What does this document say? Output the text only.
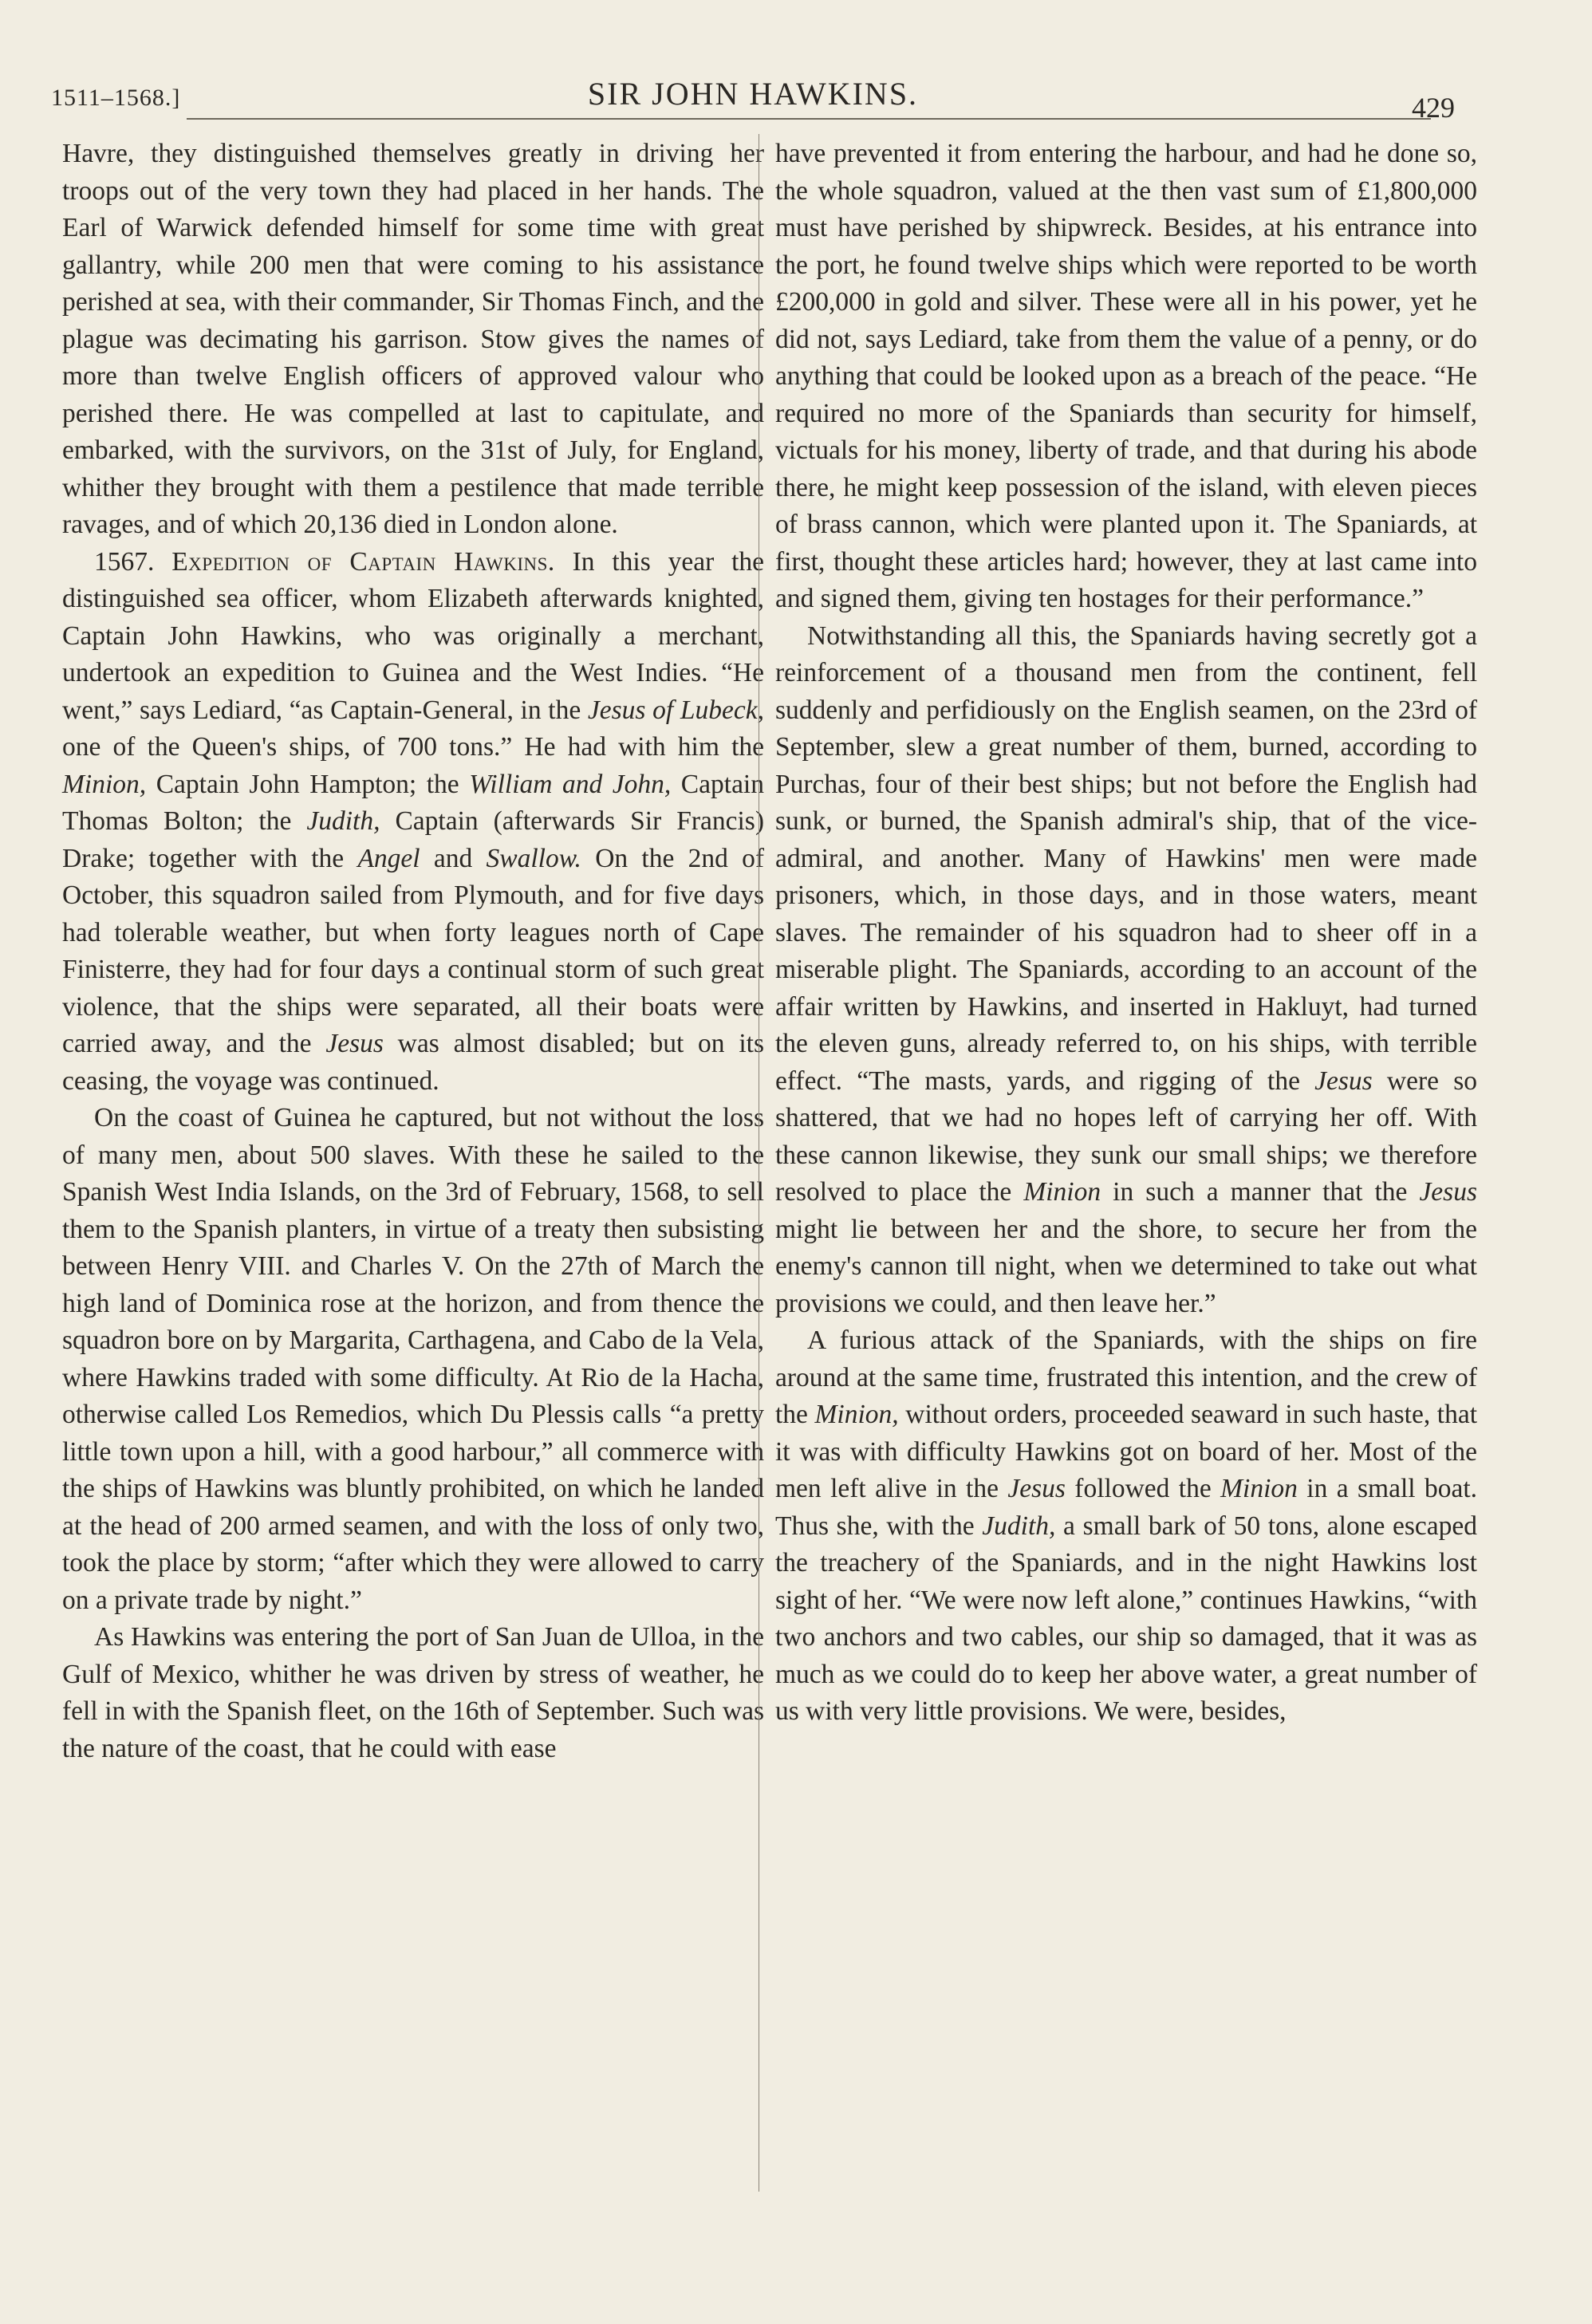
1511–1568.]	SIR JOHN HAWKINS.	429

Havre, they distinguished themselves greatly in driving her troops out of the very town they had placed in her hands. The Earl of Warwick defended himself for some time with great gallantry, while 200 men that were coming to his assistance perished at sea, with their commander, Sir Thomas Finch, and the plague was decimating his garrison. Stow gives the names of more than twelve English officers of approved valour who perished there. He was compelled at last to capitulate, and embarked, with the survivors, on the 31st of July, for England, whither they brought with them a pestilence that made terrible ravages, and of which 20,136 died in London alone.

1567. Expedition of Captain Hawkins. In this year the distinguished sea officer, whom Elizabeth afterwards knighted, Captain John Hawkins, who was originally a merchant, undertook an expedition to Guinea and the West Indies. “He went,” says Lediard, “as Captain-General, in the Jesus of Lubeck, one of the Queen's ships, of 700 tons.” He had with him the Minion, Captain John Hampton; the William and John, Captain Thomas Bolton; the Judith, Captain (afterwards Sir Francis) Drake; together with the Angel and Swallow. On the 2nd of October, this squadron sailed from Plymouth, and for five days had tolerable weather, but when forty leagues north of Cape Finisterre, they had for four days a continual storm of such great violence, that the ships were separated, all their boats were carried away, and the Jesus was almost disabled; but on its ceasing, the voyage was continued.

On the coast of Guinea he captured, but not without the loss of many men, about 500 slaves. With these he sailed to the Spanish West India Islands, on the 3rd of February, 1568, to sell them to the Spanish planters, in virtue of a treaty then subsisting between Henry VIII. and Charles V. On the 27th of March the high land of Dominica rose at the horizon, and from thence the squadron bore on by Margarita, Carthagena, and Cabo de la Vela, where Hawkins traded with some difficulty. At Rio de la Hacha, otherwise called Los Remedios, which Du Plessis calls “a pretty little town upon a hill, with a good harbour,” all commerce with the ships of Hawkins was bluntly prohibited, on which he landed at the head of 200 armed seamen, and with the loss of only two, took the place by storm; “after which they were allowed to carry on a private trade by night.”

As Hawkins was entering the port of San Juan de Ulloa, in the Gulf of Mexico, whither he was driven by stress of weather, he fell in with the Spanish fleet, on the 16th of September. Such was the nature of the coast, that he could with ease

have prevented it from entering the harbour, and had he done so, the whole squadron, valued at the then vast sum of £1,800,000 must have perished by shipwreck. Besides, at his entrance into the port, he found twelve ships which were reported to be worth £200,000 in gold and silver. These were all in his power, yet he did not, says Lediard, take from them the value of a penny, or do anything that could be looked upon as a breach of the peace. “He required no more of the Spaniards than security for himself, victuals for his money, liberty of trade, and that during his abode there, he might keep possession of the island, with eleven pieces of brass cannon, which were planted upon it. The Spaniards, at first, thought these articles hard; however, they at last came into and signed them, giving ten hostages for their performance.”

Notwithstanding all this, the Spaniards having secretly got a reinforcement of a thousand men from the continent, fell suddenly and perfidiously on the English seamen, on the 23rd of September, slew a great number of them, burned, according to Purchas, four of their best ships; but not before the English had sunk, or burned, the Spanish admiral's ship, that of the vice-admiral, and another. Many of Hawkins' men were made prisoners, which, in those days, and in those waters, meant slaves. The remainder of his squadron had to sheer off in a miserable plight. The Spaniards, according to an account of the affair written by Hawkins, and inserted in Hakluyt, had turned the eleven guns, already referred to, on his ships, with terrible effect. “The masts, yards, and rigging of the Jesus were so shattered, that we had no hopes left of carrying her off. With these cannon likewise, they sunk our small ships; we therefore resolved to place the Minion in such a manner that the Jesus might lie between her and the shore, to secure her from the enemy's cannon till night, when we determined to take out what provisions we could, and then leave her.”

A furious attack of the Spaniards, with the ships on fire around at the same time, frustrated this intention, and the crew of the Minion, without orders, proceeded seaward in such haste, that it was with difficulty Hawkins got on board of her. Most of the men left alive in the Jesus followed the Minion in a small boat. Thus she, with the Judith, a small bark of 50 tons, alone escaped the treachery of the Spaniards, and in the night Hawkins lost sight of her. “We were now left alone,” continues Hawkins, “with two anchors and two cables, our ship so damaged, that it was as much as we could do to keep her above water, a great number of us with very little provisions. We were, besides,
